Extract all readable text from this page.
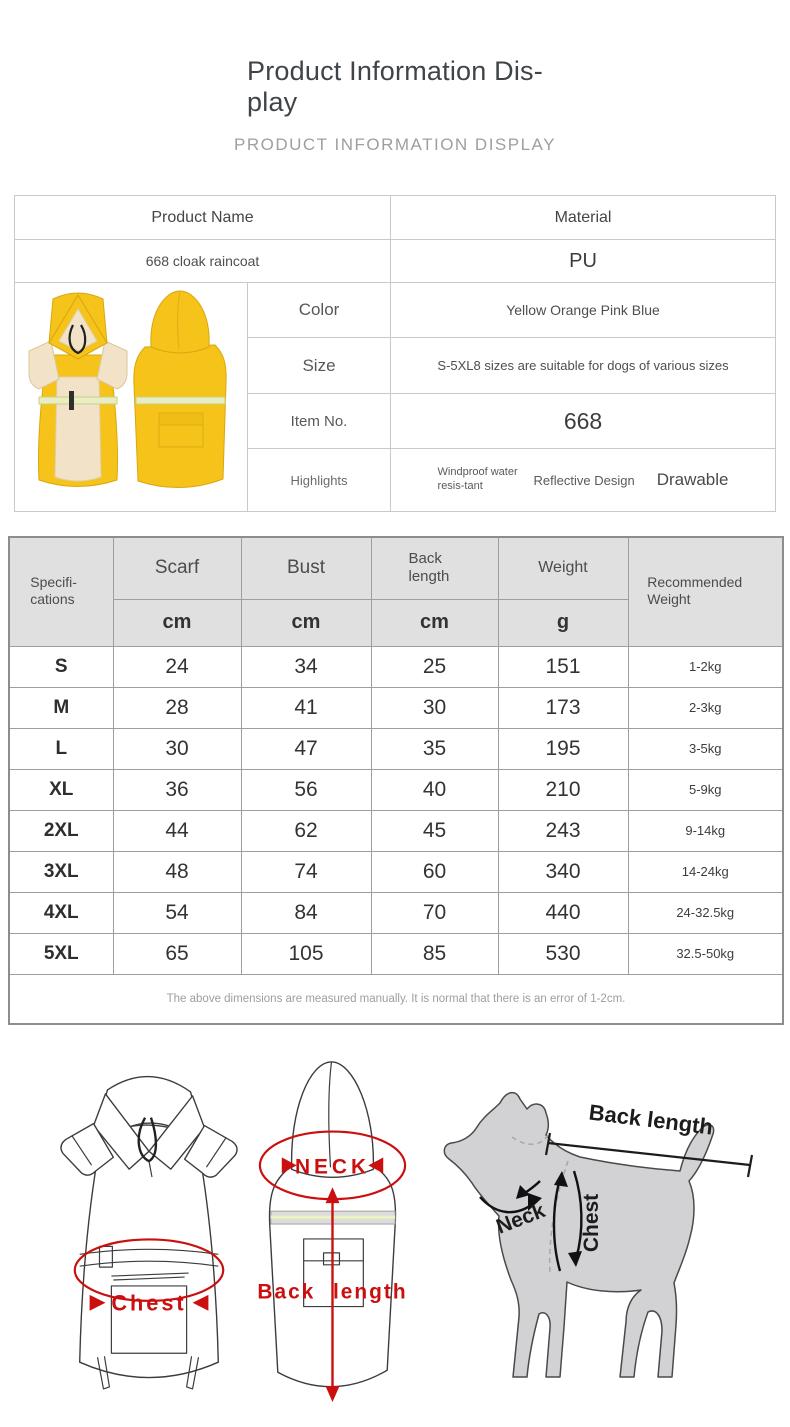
Product Information Dis-
play
PRODUCT INFORMATION DISPLAY
Product Name		Material
668 cloak raincoat		PU
	Color	Yellow Orange Pink Blue
	Size	S-5XL8 sizes are suitable for dogs of various sizes
	Item No.	668
	Highlights	Windproof water resis-tant Reflective Design Drawable
Specifi-cations	Scarf	Bust	Back length	Weight	Recommended Weight
	cm	cm	cm	g	
S	24	34	25	151	1-2kg
M	28	41	30	173	2-3kg
L	30	47	35	195	3-5kg
XL	36	56	40	210	5-9kg
2XL	44	62	45	243	9-14kg
3XL	48	74	60	340	14-24kg
4XL	54	84	70	440	24-32.5kg
5XL	65	105	85	530	32.5-50kg
The above dimensions are measured manually. It is normal that there is an error of 1-2cm.					
Chest
NECK
Back length
Back length
Neck Chest
